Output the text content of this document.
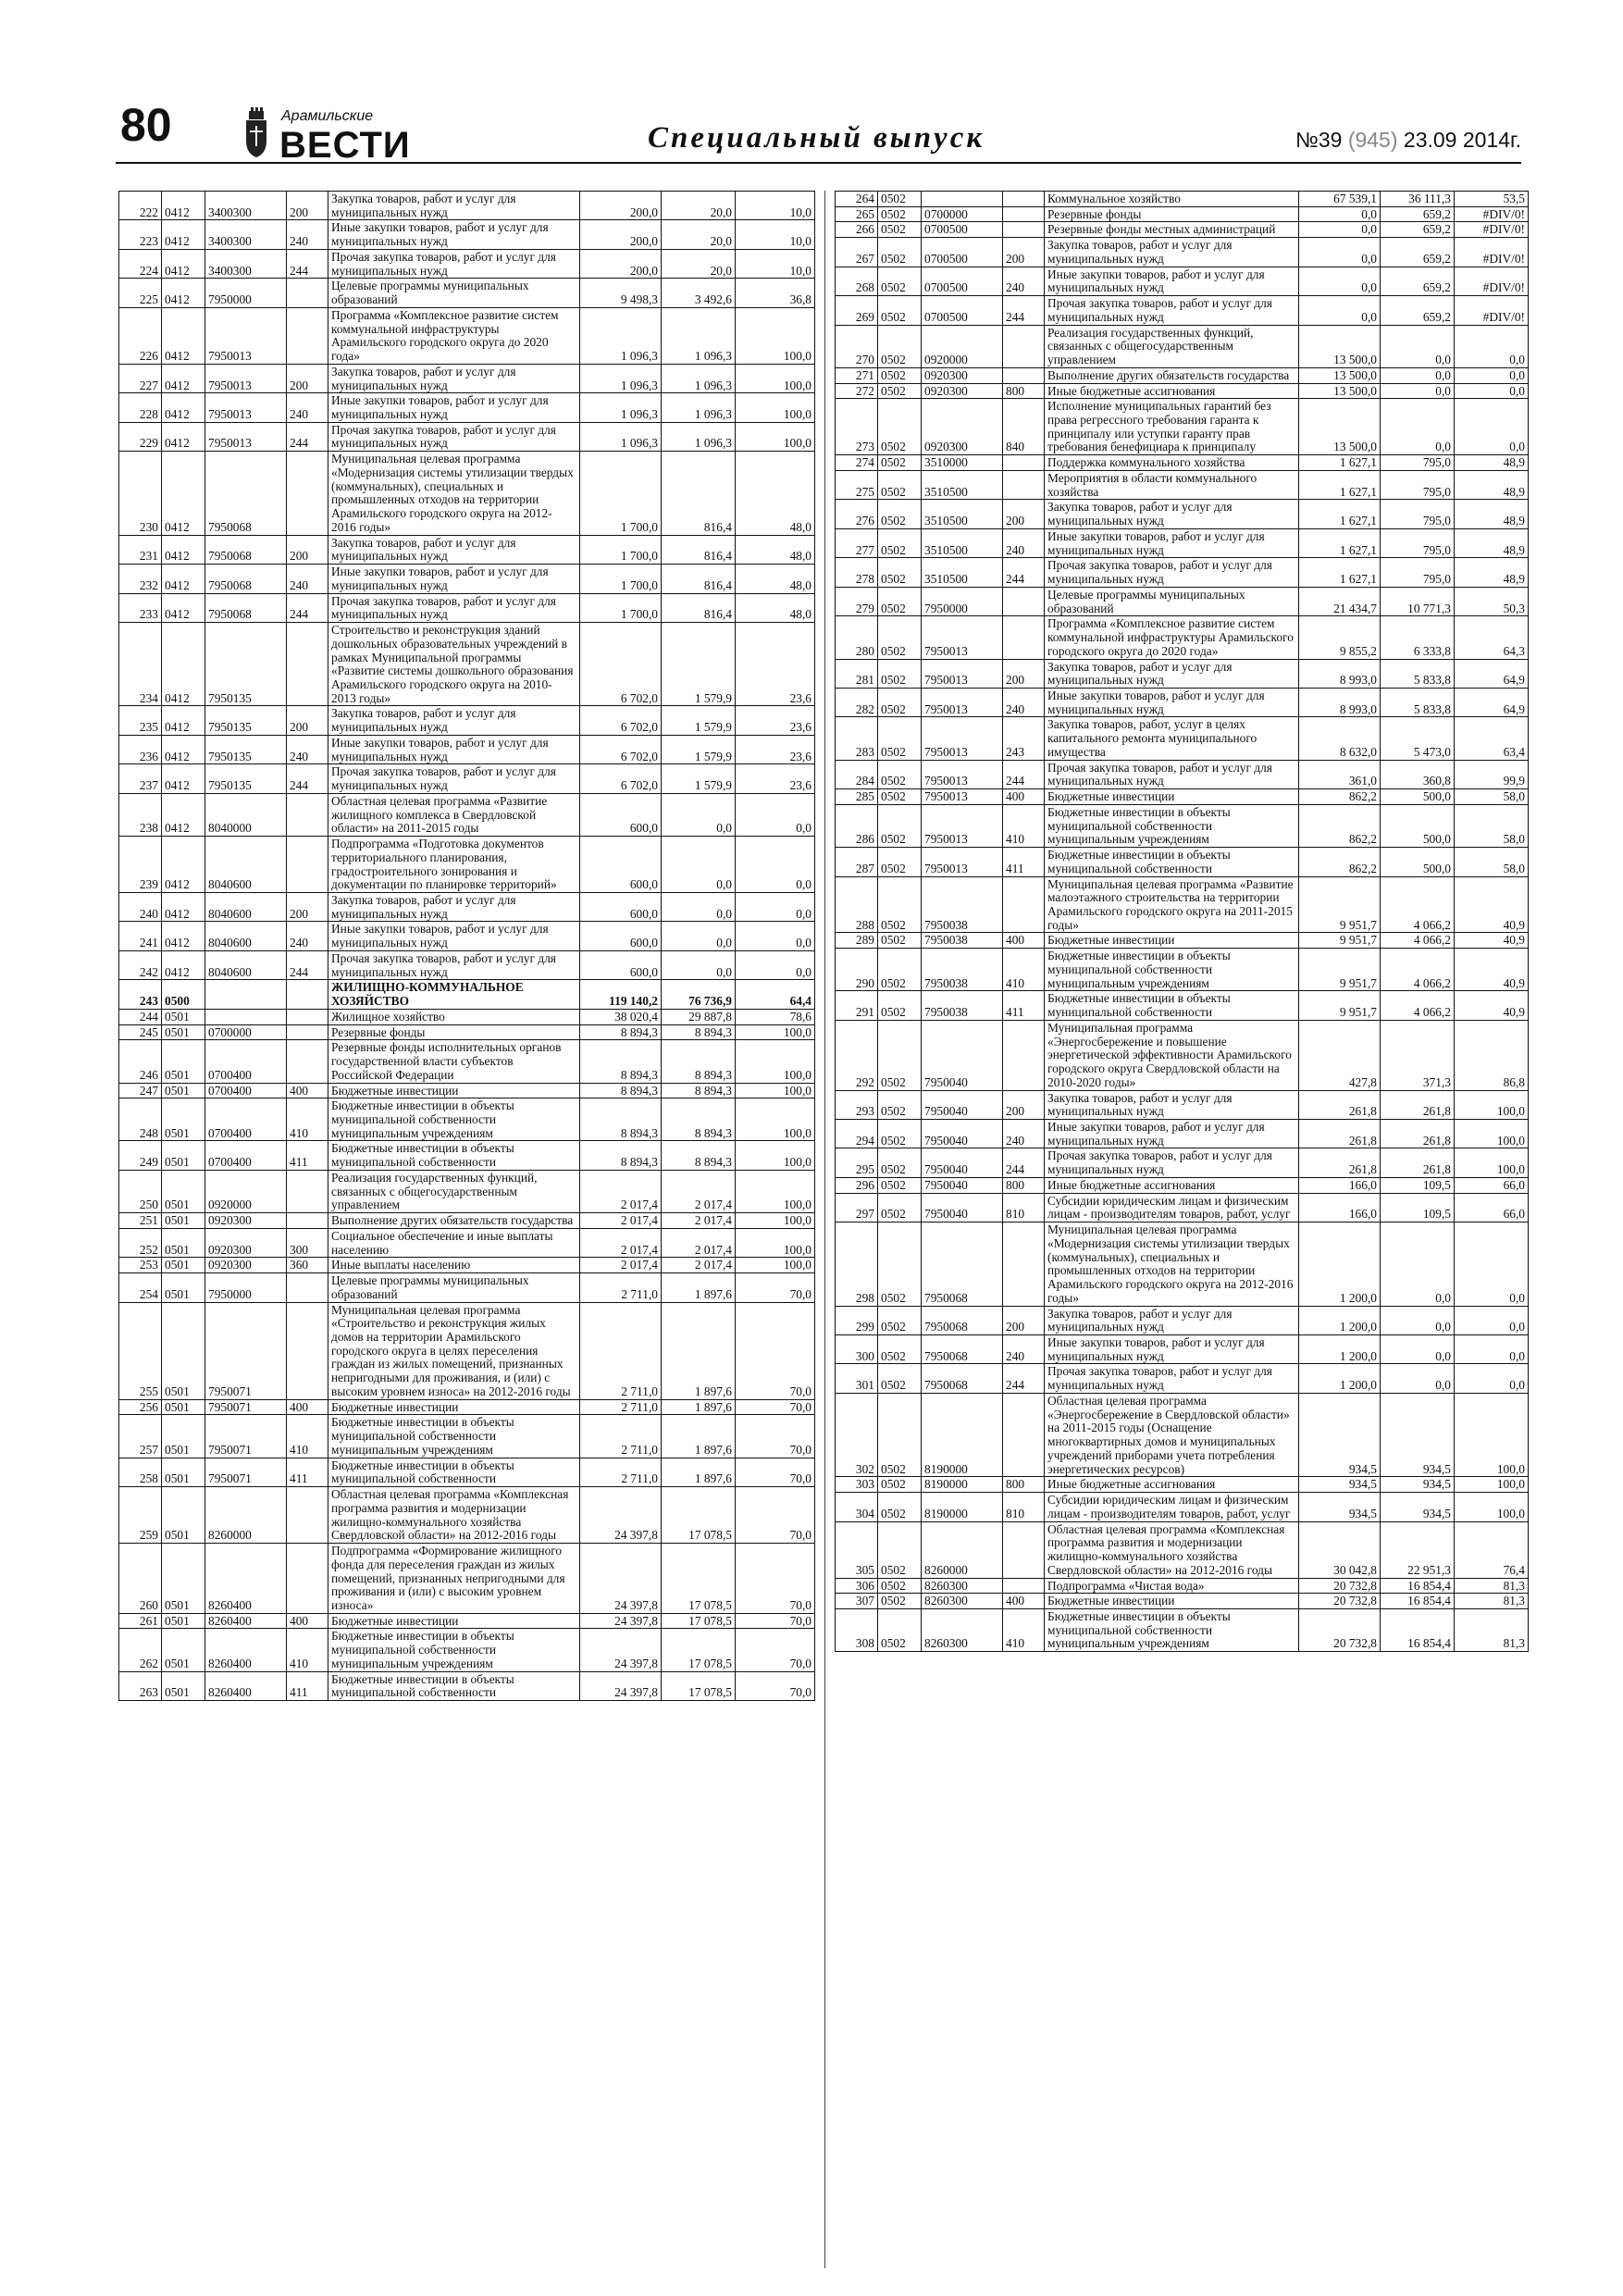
80	Арамильские
ВЕСТИ	Специальный выпуск	№39 (945) 23.09 2014г.
222	0412	3400300	200	Закупка товаров, работ и услуг для муниципальных нужд	200,0	20,0	10,0
223	0412	3400300	240	Иные закупки товаров, работ и услуг для муниципальных нужд	200,0	20,0	10,0
224	0412	3400300	244	Прочая закупка товаров, работ и услуг для муниципальных нужд	200,0	20,0	10,0
225	0412	7950000		Целевые программы муниципальных образований	9 498,3	3 492,6	36,8
226	0412	7950013		Программа «Комплексное развитие систем коммунальной инфраструктуры Арамильского городского округа до 2020 года»	1 096,3	1 096,3	100,0
227	0412	7950013	200	Закупка товаров, работ и услуг для муниципальных нужд	1 096,3	1 096,3	100,0
228	0412	7950013	240	Иные закупки товаров, работ и услуг для муниципальных нужд	1 096,3	1 096,3	100,0
229	0412	7950013	244	Прочая закупка товаров, работ и услуг для муниципальных нужд	1 096,3	1 096,3	100,0
230	0412	7950068		Муниципальная целевая программа «Модернизация системы утилизации твердых (коммунальных), специальных и промышленных отходов на территории Арамильского городского округа на 2012-2016 годы»	1 700,0	816,4	48,0
231	0412	7950068	200	Закупка товаров, работ и услуг для муниципальных нужд	1 700,0	816,4	48,0
232	0412	7950068	240	Иные закупки товаров, работ и услуг для муниципальных нужд	1 700,0	816,4	48,0
233	0412	7950068	244	Прочая закупка товаров, работ и услуг для муниципальных нужд	1 700,0	816,4	48,0
234	0412	7950135		Строительство и реконструкция зданий дошкольных образовательных учреждений в рамках Муниципальной программы «Развитие системы дошкольного образования Арамильского городского округа на 2010-2013 годы»	6 702,0	1 579,9	23,6
235	0412	7950135	200	Закупка товаров, работ и услуг для муниципальных нужд	6 702,0	1 579,9	23,6
236	0412	7950135	240	Иные закупки товаров, работ и услуг для муниципальных нужд	6 702,0	1 579,9	23,6
237	0412	7950135	244	Прочая закупка товаров, работ и услуг для муниципальных нужд	6 702,0	1 579,9	23,6
238	0412	8040000		Областная целевая программа «Развитие жилищного комплекса в Свердловской области» на 2011-2015 годы	600,0	0,0	0,0
239	0412	8040600		Подпрограмма «Подготовка документов территориального планирования, градостроительного зонирования и документации по планировке территорий»	600,0	0,0	0,0
240	0412	8040600	200	Закупка товаров, работ и услуг для муниципальных нужд	600,0	0,0	0,0
241	0412	8040600	240	Иные закупки товаров, работ и услуг для муниципальных нужд	600,0	0,0	0,0
242	0412	8040600	244	Прочая закупка товаров, работ и услуг для муниципальных нужд	600,0	0,0	0,0
243	0500			ЖИЛИЩНО-КОММУНАЛЬНОЕ ХОЗЯЙСТВО	119 140,2	76 736,9	64,4
244	0501			Жилищное хозяйство	38 020,4	29 887,8	78,6
245	0501	0700000		Резервные фонды	8 894,3	8 894,3	100,0
246	0501	0700400		Резервные фонды исполнительных органов государственной власти субъектов Российской Федерации	8 894,3	8 894,3	100,0
247	0501	0700400	400	Бюджетные инвестиции	8 894,3	8 894,3	100,0
248	0501	0700400	410	Бюджетные инвестиции в объекты муниципальной собственности муниципальным учреждениям	8 894,3	8 894,3	100,0
249	0501	0700400	411	Бюджетные инвестиции в объекты муниципальной собственности	8 894,3	8 894,3	100,0
250	0501	0920000		Реализация государственных функций, связанных с общегосударственным управлением	2 017,4	2 017,4	100,0
251	0501	0920300		Выполнение других обязательств государства	2 017,4	2 017,4	100,0
252	0501	0920300	300	Социальное обеспечение и иные выплаты населению	2 017,4	2 017,4	100,0
253	0501	0920300	360	Иные выплаты населению	2 017,4	2 017,4	100,0
254	0501	7950000		Целевые программы муниципальных образований	2 711,0	1 897,6	70,0
255	0501	7950071		Муниципальная целевая программа «Строительство и реконструкция жилых домов на территории Арамильского городского округа в целях переселения граждан из жилых помещений, признанных непригодными для проживания, и (или) с высоким уровнем износа» на 2012-2016 годы	2 711,0	1 897,6	70,0
256	0501	7950071	400	Бюджетные инвестиции	2 711,0	1 897,6	70,0
257	0501	7950071	410	Бюджетные инвестиции в объекты муниципальной собственности муниципальным учреждениям	2 711,0	1 897,6	70,0
258	0501	7950071	411	Бюджетные инвестиции в объекты муниципальной собственности	2 711,0	1 897,6	70,0
259	0501	8260000		Областная целевая программа «Комплексная программа развития и модернизации жилищно-коммунального хозяйства Свердловской области» на 2012-2016 годы	24 397,8	17 078,5	70,0
260	0501	8260400		Подпрограмма «Формирование жилищного фонда для переселения граждан из жилых помещений, признанных непригодными для проживания и (или) с высоким уровнем износа»	24 397,8	17 078,5	70,0
261	0501	8260400	400	Бюджетные инвестиции	24 397,8	17 078,5	70,0
262	0501	8260400	410	Бюджетные инвестиции в объекты муниципальной собственности муниципальным учреждениям	24 397,8	17 078,5	70,0
263	0501	8260400	411	Бюджетные инвестиции в объекты муниципальной собственности	24 397,8	17 078,5	70,0
264	0502			Коммунальное хозяйство	67 539,1	36 111,3	53,5
265	0502	0700000		Резервные фонды	0,0	659,2	#DIV/0!
266	0502	0700500		Резервные фонды местных администраций	0,0	659,2	#DIV/0!
267	0502	0700500	200	Закупка товаров, работ и услуг для муниципальных нужд	0,0	659,2	#DIV/0!
268	0502	0700500	240	Иные закупки товаров, работ и услуг для муниципальных нужд	0,0	659,2	#DIV/0!
269	0502	0700500	244	Прочая закупка товаров, работ и услуг для муниципальных нужд	0,0	659,2	#DIV/0!
270	0502	0920000		Реализация государственных функций, связанных с общегосударственным управлением	13 500,0	0,0	0,0
271	0502	0920300		Выполнение других обязательств государства	13 500,0	0,0	0,0
272	0502	0920300	800	Иные бюджетные ассигнования	13 500,0	0,0	0,0
273	0502	0920300	840	Исполнение муниципальных гарантий без права регрессного требования гаранта к принципалу или уступки гаранту прав требования бенефициара к принципалу	13 500,0	0,0	0,0
274	0502	3510000		Поддержка коммунального хозяйства	1 627,1	795,0	48,9
275	0502	3510500		Мероприятия в области коммунального хозяйства	1 627,1	795,0	48,9
276	0502	3510500	200	Закупка товаров, работ и услуг для муниципальных нужд	1 627,1	795,0	48,9
277	0502	3510500	240	Иные закупки товаров, работ и услуг для муниципальных нужд	1 627,1	795,0	48,9
278	0502	3510500	244	Прочая закупка товаров, работ и услуг для муниципальных нужд	1 627,1	795,0	48,9
279	0502	7950000		Целевые программы муниципальных образований	21 434,7	10 771,3	50,3
280	0502	7950013		Программа «Комплексное развитие систем коммунальной инфраструктуры Арамильского городского округа до 2020 года»	9 855,2	6 333,8	64,3
281	0502	7950013	200	Закупка товаров, работ и услуг для муниципальных нужд	8 993,0	5 833,8	64,9
282	0502	7950013	240	Иные закупки товаров, работ и услуг для муниципальных нужд	8 993,0	5 833,8	64,9
283	0502	7950013	243	Закупка товаров, работ, услуг в целях капитального ремонта муниципального имущества	8 632,0	5 473,0	63,4
284	0502	7950013	244	Прочая закупка товаров, работ и услуг для муниципальных нужд	361,0	360,8	99,9
285	0502	7950013	400	Бюджетные инвестиции	862,2	500,0	58,0
286	0502	7950013	410	Бюджетные инвестиции в объекты муниципальной собственности муниципальным учреждениям	862,2	500,0	58,0
287	0502	7950013	411	Бюджетные инвестиции в объекты муниципальной собственности	862,2	500,0	58,0
288	0502	7950038		Муниципальная целевая программа «Развитие малоэтажного строительства на территории Арамильского городского округа на 2011-2015 годы»	9 951,7	4 066,2	40,9
289	0502	7950038	400	Бюджетные инвестиции	9 951,7	4 066,2	40,9
290	0502	7950038	410	Бюджетные инвестиции в объекты муниципальной собственности муниципальным учреждениям	9 951,7	4 066,2	40,9
291	0502	7950038	411	Бюджетные инвестиции в объекты муниципальной собственности	9 951,7	4 066,2	40,9
292	0502	7950040		Муниципальная программа «Энергосбережение и повышение энергетической эффективности Арамильского городского округа Свердловской области на 2010-2020 годы»	427,8	371,3	86,8
293	0502	7950040	200	Закупка товаров, работ и услуг для муниципальных нужд	261,8	261,8	100,0
294	0502	7950040	240	Иные закупки товаров, работ и услуг для муниципальных нужд	261,8	261,8	100,0
295	0502	7950040	244	Прочая закупка товаров, работ и услуг для муниципальных нужд	261,8	261,8	100,0
296	0502	7950040	800	Иные бюджетные ассигнования	166,0	109,5	66,0
297	0502	7950040	810	Субсидии юридическим лицам и физическим лицам - производителям товаров, работ, услуг	166,0	109,5	66,0
298	0502	7950068		Муниципальная целевая программа «Модернизация системы утилизации твердых (коммунальных), специальных и промышленных отходов на территории Арамильского городского округа на 2012-2016 годы»	1 200,0	0,0	0,0
299	0502	7950068	200	Закупка товаров, работ и услуг для муниципальных нужд	1 200,0	0,0	0,0
300	0502	7950068	240	Иные закупки товаров, работ и услуг для муниципальных нужд	1 200,0	0,0	0,0
301	0502	7950068	244	Прочая закупка товаров, работ и услуг для муниципальных нужд	1 200,0	0,0	0,0
302	0502	8190000		Областная целевая программа «Энергосбережение в Свердловской области» на 2011-2015 годы (Оснащение многоквартирных домов и муниципальных учреждений приборами учета потребления энергетических ресурсов)	934,5	934,5	100,0
303	0502	8190000	800	Иные бюджетные ассигнования	934,5	934,5	100,0
304	0502	8190000	810	Субсидии юридическим лицам и физическим лицам - производителям товаров, работ, услуг	934,5	934,5	100,0
305	0502	8260000		Областная целевая программа «Комплексная программа развития и модернизации жилищно-коммунального хозяйства Свердловской области» на 2012-2016 годы	30 042,8	22 951,3	76,4
306	0502	8260300		Подпрограмма «Чистая вода»	20 732,8	16 854,4	81,3
307	0502	8260300	400	Бюджетные инвестиции	20 732,8	16 854,4	81,3
308	0502	8260300	410	Бюджетные инвестиции в объекты муниципальной собственности муниципальным учреждениям	20 732,8	16 854,4	81,3
